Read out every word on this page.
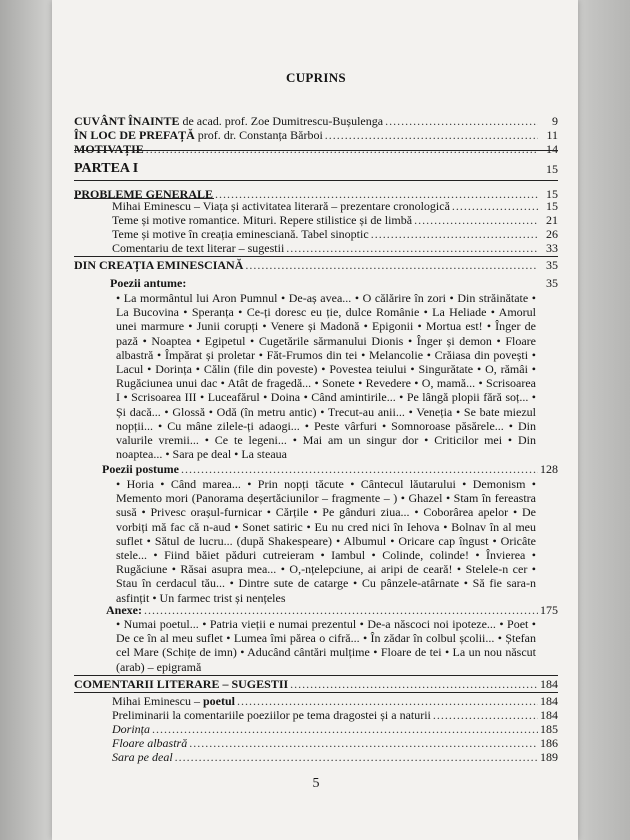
CUPRINS
CUVÂNT ÎNAINTE de acad. prof. Zoe Dumitrescu-Bușulenga .....	9
ÎN LOC DE PREFAȚĂ prof. dr. Constanța Bărboi .....	11
MOTIVAȚIE .....	14
PARTEA I	15
PROBLEME GENERALE .....	15
Mihai Eminescu – Viața și activitatea literară – prezentare cronologică .....	15
Teme și motive romantice. Mituri. Repere stilistice și de limbă .....	21
Teme și motive în creația eminesciană. Tabel sinoptic .....	26
Comentariu de text literar – sugestii .....	33
DIN CREAȚIA EMINESCIANĂ .....	35
Poezii antume:	35
• La mormântul lui Aron Pumnul • De-aș avea... • O călărire în zori • Din străinătate • La Bucovina • Speranța • Ce-ți doresc eu ție, dulce Românie • La Heliade • Amorul unei marmure • Junii corupți • Venere și Madonă • Epigonii • Mortua est! • Înger de pază • Noaptea • Egipetul • Cugetările sărmanului Dionis • Înger și demon • Floare albastră • Împărat și proletar • Făt-Frumos din tei • Melancolie • Crăiasa din povești • Lacul • Dorința • Călin (file din poveste) • Povestea teiului • Singurătate • O, rămâi • Rugăciunea unui dac • Atât de fragedă... • Sonete • Revedere • O, mamă... • Scrisoarea I • Scrisoarea III • Luceafărul • Doina • Când amintirile... • Pe lângă plopii fără soț... • Și dacă... • Glossă • Odă (în metru antic) • Trecut-au anii... • Veneția • Se bate miezul nopții... • Cu mâne zilele-ți adaogi... • Peste vârfuri • Somnoroase păsărele... • Din valurile vremii... • Ce te legeni... • Mai am un singur dor • Criticilor mei • Din noaptea... • Sara pe deal • La steaua
Poezii postume .....	128
• Horia • Când marea... • Prin nopți tăcute • Cântecul lăutarului • Demonism • Memento mori (Panorama deșertăciunilor – fragmente – ) • Ghazel • Stam în fereastra susă • Privesc orașul-furnicar • Cărțile • Pe gânduri ziua... • Coborârea apelor • De vorbiți mă fac că n-aud • Sonet satiric • Eu nu cred nici în Iehova • Bolnav în al meu suflet • Sătul de lucru... (după Shakespeare) • Albumul • Oricare cap îngust • Oricâte stele... • Fiind băiet păduri cutreieram • Iambul • Colinde, colinde! • Învierea • Rugăciune • Răsai asupra mea... • O,-nțelepciune, ai aripi de ceară! • Stelele-n cer • Stau în cerdacul tău... • Dintre sute de catarge • Cu pânzele-atârnate • Să fie sara-n asfințit • Un farmec trist și nențeles
Anexe: .....	175
• Numai poetul... • Patria vieții e numai prezentul • De-a născoci noi ipoteze... • Poet • De ce în al meu suflet • Lumea îmi părea o cifră... • În zădar în colbul școlii... • Ștefan cel Mare (Schițe de imn) • Aducând cântări mulțime • Floare de tei • La un nou născut (arab) – epigramă
COMENTARII LITERARE – SUGESTII .....	184
Mihai Eminescu – poetul .....	184
Preliminarii la comentariile poeziilor pe tema dragostei și a naturii .....	184
Dorința .....	185
Floare albastră .....	186
Sara pe deal .....	189
5
